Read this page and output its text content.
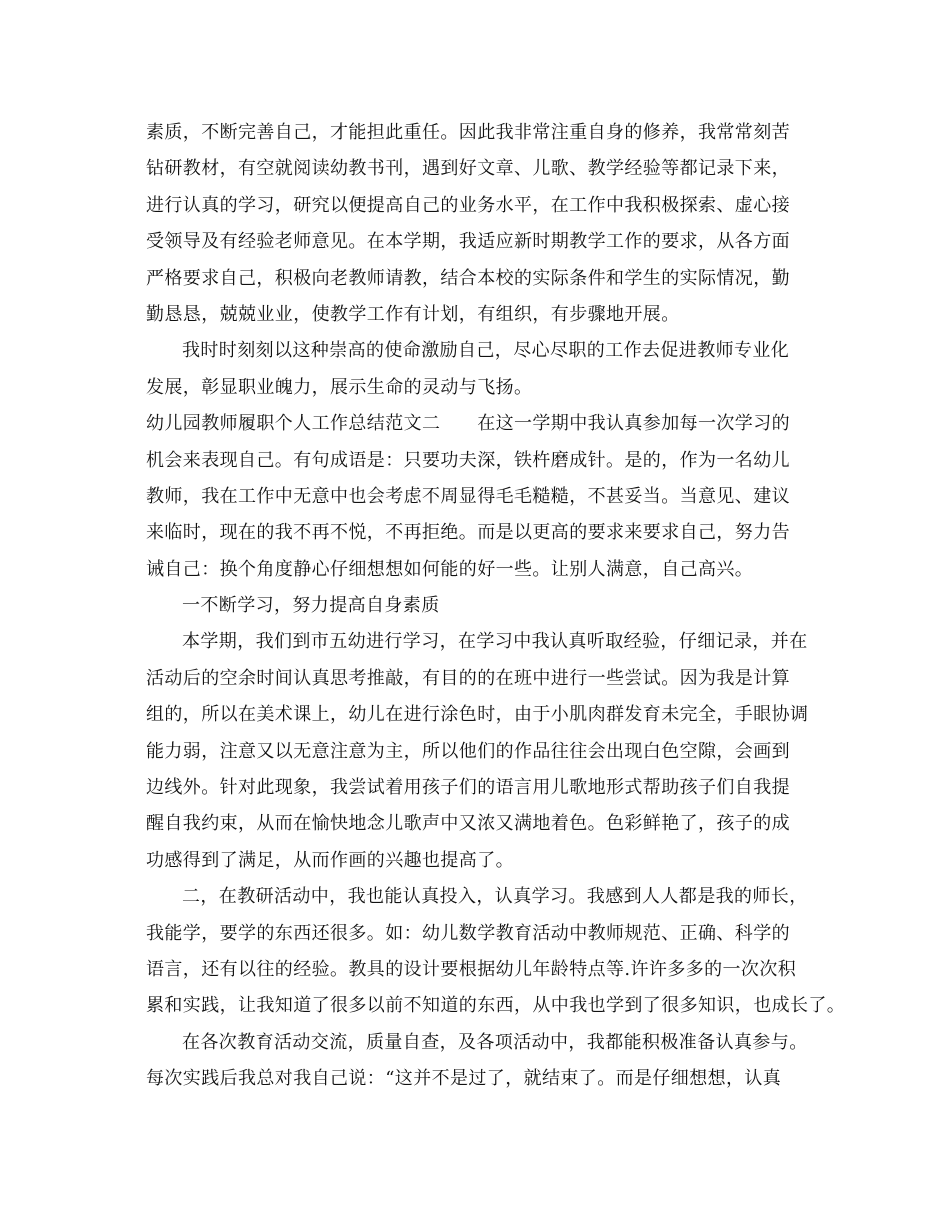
素质，不断完善自己，才能担此重任。因此我非常注重自身的修养，我常常刻苦
钻研教材，有空就阅读幼教书刊，遇到好文章、儿歌、教学经验等都记录下来，
进行认真的学习，研究以便提高自己的业务水平，在工作中我积极探索、虚心接
受领导及有经验老师意见。在本学期，我适应新时期教学工作的要求，从各方面
严格要求自己，积极向老教师请教，结合本校的实际条件和学生的实际情况，勤
勤恳恳，兢兢业业，使教学工作有计划，有组织，有步骤地开展。
我时时刻刻以这种崇高的使命激励自己，尽心尽职的工作去促进教师专业化
发展，彰显职业魄力，展示生命的灵动与飞扬。
幼儿园教师履职个人工作总结范文二　　在这一学期中我认真参加每一次学习的
机会来表现自己。有句成语是：只要功夫深，铁杵磨成针。是的，作为一名幼儿
教师，我在工作中无意中也会考虑不周显得毛毛糙糙，不甚妥当。当意见、建议
来临时，现在的我不再不悦，不再拒绝。而是以更高的要求来要求自己，努力告
诫自己：换个角度静心仔细想想如何能的好一些。让别人满意，自己高兴。
一不断学习，努力提高自身素质
本学期，我们到市五幼进行学习，在学习中我认真听取经验，仔细记录，并在
活动后的空余时间认真思考推敲，有目的的在班中进行一些尝试。因为我是计算
组的，所以在美术课上，幼儿在进行涂色时，由于小肌肉群发育未完全，手眼协调
能力弱，注意又以无意注意为主，所以他们的作品往往会出现白色空隙，会画到
边线外。针对此现象，我尝试着用孩子们的语言用儿歌地形式帮助孩子们自我提
醒自我约束，从而在愉快地念儿歌声中又浓又满地着色。色彩鲜艳了，孩子的成
功感得到了满足，从而作画的兴趣也提高了。
二，在教研活动中，我也能认真投入，认真学习。我感到人人都是我的师长，
我能学，要学的东西还很多。如：幼儿数学教育活动中教师规范、正确、科学的
语言，还有以往的经验。教具的设计要根据幼儿年龄特点等.许许多多的一次次积
累和实践，让我知道了很多以前不知道的东西，从中我也学到了很多知识，也成长了。
在各次教育活动交流，质量自查，及各项活动中，我都能积极准备认真参与。
每次实践后我总对我自己说：“这并不是过了，就结束了。而是仔细想想，认真
